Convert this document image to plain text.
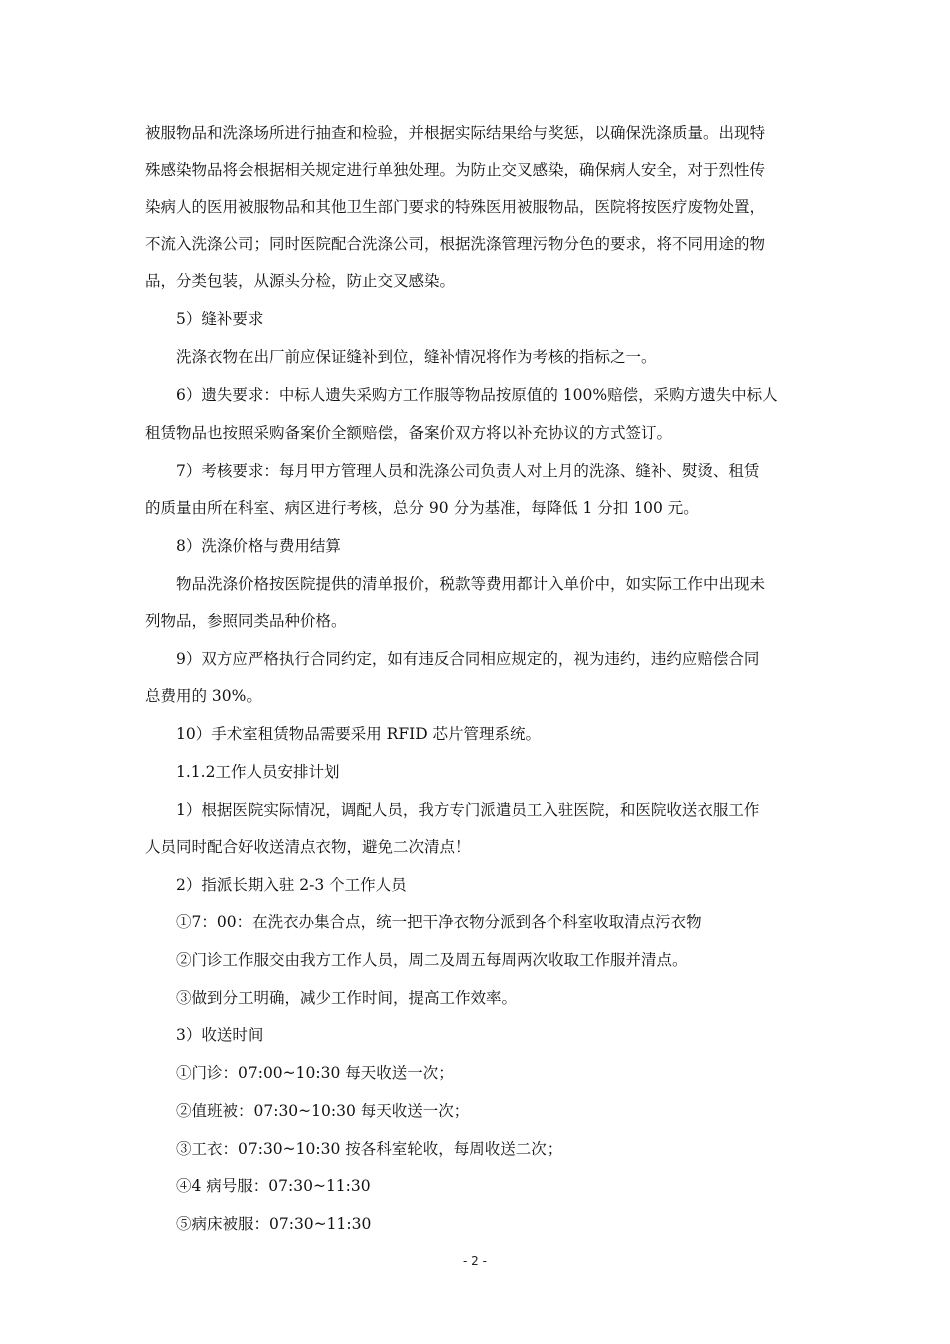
被服物品和洗涤场所进行抽查和检验，并根据实际结果给与奖惩，以确保洗涤质量。出现特
殊感染物品将会根据相关规定进行单独处理。为防止交叉感染，确保病人安全，对于烈性传
染病人的医用被服物品和其他卫生部门要求的特殊医用被服物品，医院将按医疗废物处置，
不流入洗涤公司；同时医院配合洗涤公司，根据洗涤管理污物分色的要求，将不同用途的物
品，分类包装，从源头分检，防止交叉感染。
5）缝补要求
洗涤衣物在出厂前应保证缝补到位，缝补情况将作为考核的指标之一。
6）遗失要求：中标人遗失采购方工作服等物品按原值的 100%赔偿，采购方遗失中标人
租赁物品也按照采购备案价全额赔偿，备案价双方将以补充协议的方式签订。
7）考核要求：每月甲方管理人员和洗涤公司负责人对上月的洗涤、缝补、熨烫、租赁
的质量由所在科室、病区进行考核，总分 90 分为基准，每降低 1 分扣 100 元。
8）洗涤价格与费用结算
物品洗涤价格按医院提供的清单报价，税款等费用都计入单价中，如实际工作中出现未
列物品，参照同类品种价格。
9）双方应严格执行合同约定，如有违反合同相应规定的，视为违约，违约应赔偿合同
总费用的 30%。
10）手术室租赁物品需要采用 RFID 芯片管理系统。
1.1.2工作人员安排计划
1）根据医院实际情况，调配人员，我方专门派遣员工入驻医院，和医院收送衣服工作
人员同时配合好收送清点衣物，避免二次清点！
2）指派长期入驻 2-3 个工作人员
①7：00：在洗衣办集合点，统一把干净衣物分派到各个科室收取清点污衣物
②门诊工作服交由我方工作人员，周二及周五每周两次收取工作服并清点。
③做到分工明确，减少工作时间，提高工作效率。
3）收送时间
①门诊：07:00~10:30 每天收送一次；
②值班被：07:30~10:30 每天收送一次；
③工衣：07:30~10:30 按各科室轮收，每周收送二次；
④4 病号服：07:30~11:30
⑤病床被服：07:30~11:30
- 2 -
